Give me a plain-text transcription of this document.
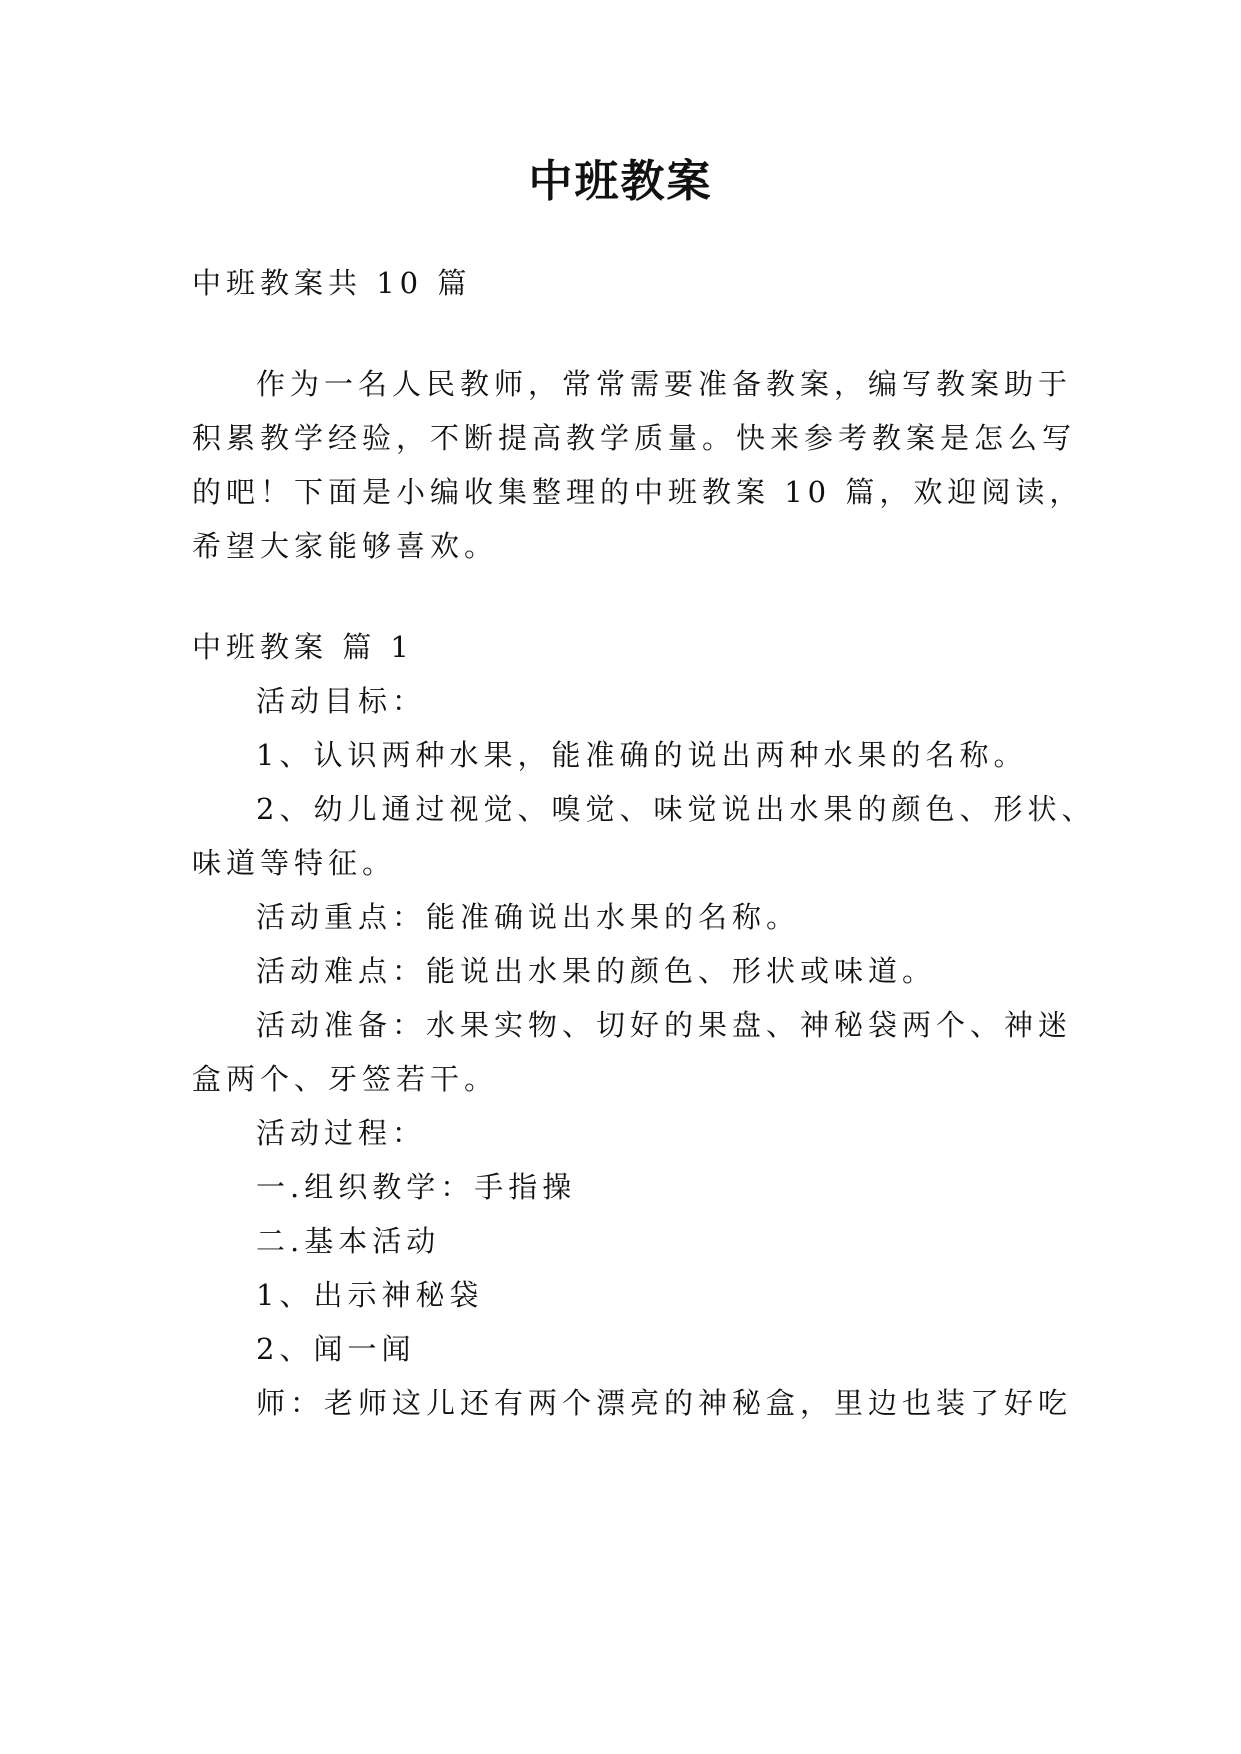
中班教案

中班教案共 10 篇

作为一名人民教师，常常需要准备教案，编写教案助于

积累教学经验，不断提高教学质量。快来参考教案是怎么写

的吧！下面是小编收集整理的中班教案 10 篇，欢迎阅读，

希望大家能够喜欢。

中班教案 篇 1

活动目标：

1、认识两种水果，能准确的说出两种水果的名称。

2、幼儿通过视觉、嗅觉、味觉说出水果的颜色、形状、

味道等特征。

活动重点：能准确说出水果的名称。

活动难点：能说出水果的颜色、形状或味道。

活动准备：水果实物、切好的果盘、神秘袋两个、神迷

盒两个、牙签若干。

活动过程：

一.组织教学：手指操

二.基本活动

1、出示神秘袋

2、闻一闻

师：老师这儿还有两个漂亮的神秘盒，里边也装了好吃
